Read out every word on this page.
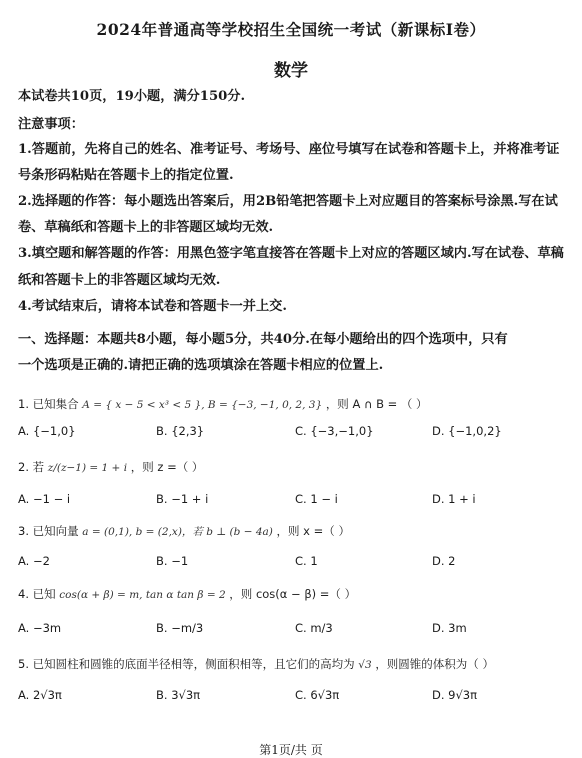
2024年普通高等学校招生全国统一考试（新课标I卷）
数学
本试卷共10页，19小题，满分150分.
注意事项：
1.答题前，先将自己的姓名、准考证号、考场号、座位号填写在试卷和答题卡上，并将准考证
号条形码粘贴在答题卡上的指定位置.
2.选择题的作答：每小题选出答案后，用2B铅笔把答题卡上对应题目的答案标号涂黑.写在试
卷、草稿纸和答题卡上的非答题区域均无效.
3.填空题和解答题的作答：用黑色签字笔直接答在答题卡上对应的答题区域内.写在试卷、草稿
纸和答题卡上的非答题区域均无效.
4.考试结束后，请将本试卷和答题卡一并上交.
一、选择题：本题共8小题，每小题5分，共40分.在每小题给出的四个选项中，只有
一个选项是正确的.请把正确的选项填涂在答题卡相应的位置上.
1. 已知集合 A = { x − 5 < x³ < 5 }, B = {−3, −1, 0, 2, 3} ，则 A ∩ B = （ ）
A. {−1,0}	B. {2,3}	C. {−3,−1,0}	D. {−1,0,2}
2. 若 z/(z−1) = 1 + i ，则 z =（ ）
A. −1 − i	B. −1 + i	C. 1 − i	D. 1 + i
3. 已知向量 a = (0,1), b = (2,x)，若 b ⊥ (b − 4a) ，则 x =（ ）
A. −2	B. −1	C. 1	D. 2
4. 已知 cos(α + β) = m, tan α tan β = 2 ，则 cos(α − β) =（ ）
A. −3m	B. −m/3	C. m/3	D. 3m
5. 已知圆柱和圆锥的底面半径相等，侧面积相等，且它们的高均为 √3 ，则圆锥的体积为（ ）
A. 2√3π	B. 3√3π	C. 6√3π	D. 9√3π
第1页/共 页
